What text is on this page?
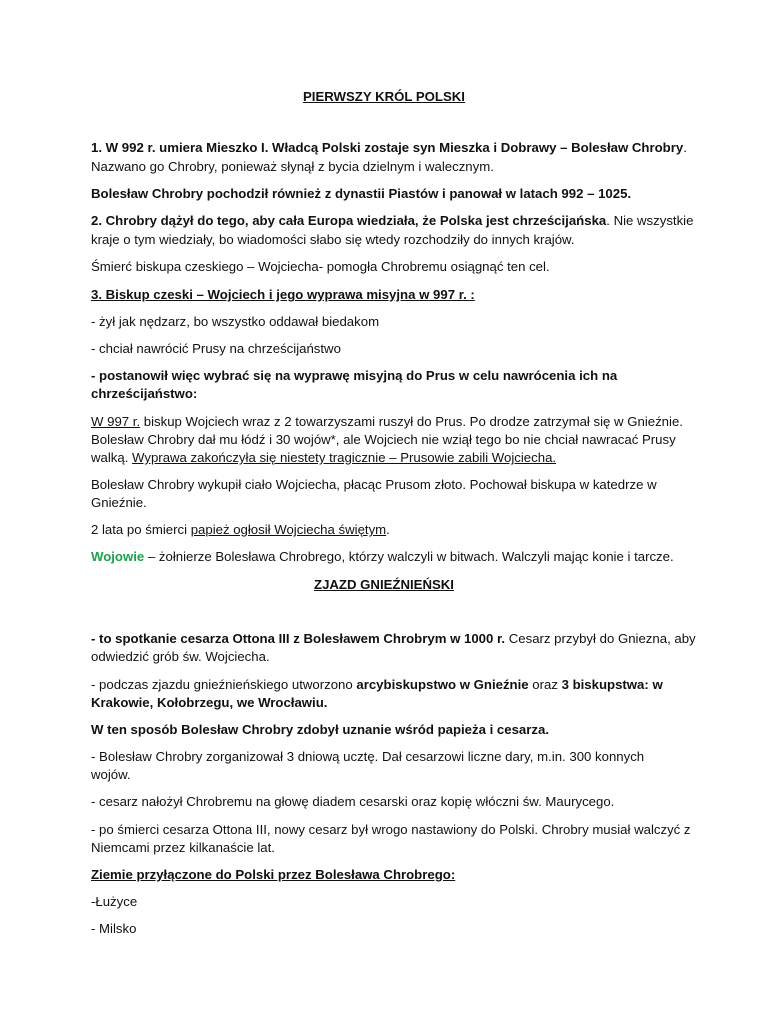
PIERWSZY KRÓL POLSKI
1. W 992 r. umiera Mieszko I. Władcą Polski zostaje syn Mieszka i Dobrawy – Bolesław Chrobry.
Nazwano go Chrobry, ponieważ słynął z bycia dzielnym i walecznym.
Bolesław Chrobry pochodził również z dynastii Piastów i panował w latach 992 – 1025.
2. Chrobry dążył do tego, aby cała Europa wiedziała, że Polska jest chrześcijańska. Nie wszystkie
kraje o tym wiedziały, bo wiadomości słabo się wtedy rozchodziły do innych krajów.
Śmierć biskupa czeskiego – Wojciecha- pomogła Chrobremu osiągnąć ten cel.
3. Biskup czeski – Wojciech i jego wyprawa misyjna w 997 r. :
- żył jak nędzarz, bo wszystko oddawał biedakom
- chciał nawrócić Prusy na chrześcijaństwo
- postanowił więc wybrać się na wyprawę misyjną do Prus w celu nawrócenia ich na
chrześcijaństwo:
W 997 r. biskup Wojciech wraz z 2 towarzyszami ruszył do Prus. Po drodze zatrzymał się w Gnieźnie.
Bolesław Chrobry dał mu łódź i 30 wojów*, ale Wojciech nie wziął tego bo nie chciał nawracać Prusy
walką. Wyprawa zakończyła się niestety tragicznie – Prusowie zabili Wojciecha.
Bolesław Chrobry wykupił ciało Wojciecha, płacąc Prusom złoto. Pochował biskupa w katedrze w
Gnieźnie.
2 lata po śmierci papież ogłosił Wojciecha świętym.
Wojowie – żołnierze Bolesława Chrobrego, którzy walczyli w bitwach. Walczyli mając konie i tarcze.
ZJAZD GNIEŹNIEŃSKI
- to spotkanie cesarza Ottona III z Bolesławem Chrobrym w 1000 r. Cesarz przybył do Gniezna, aby
odwiedzić grób św. Wojciecha.
- podczas zjazdu gnieźnieńskiego utworzono arcybiskupstwo w Gnieźnie oraz 3 biskupstwa: w
Krakowie, Kołobrzegu, we Wrocławiu.
W ten sposób Bolesław Chrobry zdobył uznanie wśród papieża i cesarza.
- Bolesław Chrobry zorganizował 3 dniową ucztę. Dał cesarzowi liczne dary, m.in. 300 konnych
wojów.
- cesarz nałożył Chrobremu na głowę diadem cesarski oraz kopię włóczni św. Maurycego.
- po śmierci cesarza Ottona III, nowy cesarz był wrogo nastawiony do Polski. Chrobry musiał walczyć z
Niemcami przez kilkanaście lat.
Ziemie przyłączone do Polski przez Bolesława Chrobrego:
-Łużyce
- Milsko
